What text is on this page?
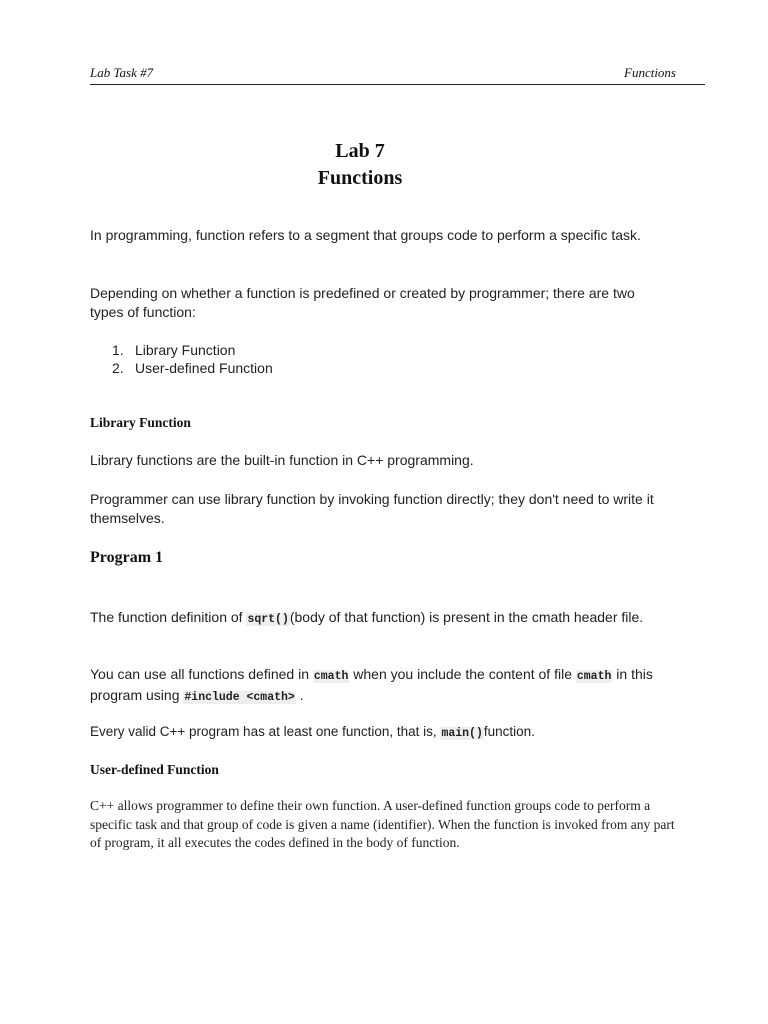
Lab Task #7	Functions
Lab 7
Functions
In programming, function refers to a segment that groups code to perform a specific task.
Depending on whether a function is predefined or created by programmer; there are two types of function:
1. Library Function
2. User-defined Function
Library Function
Library functions are the built-in function in C++ programming.
Programmer can use library function by invoking function directly; they don't need to write it themselves.
Program 1
The function definition of sqrt()(body of that function) is present in the cmath header file.
You can use all functions defined in cmath when you include the content of file cmath in this program using #include <cmath> .
Every valid C++ program has at least one function, that is, main()function.
User-defined Function
C++ allows programmer to define their own function. A user-defined function groups code to perform a specific task and that group of code is given a name (identifier). When the function is invoked from any part of program, it all executes the codes defined in the body of function.
